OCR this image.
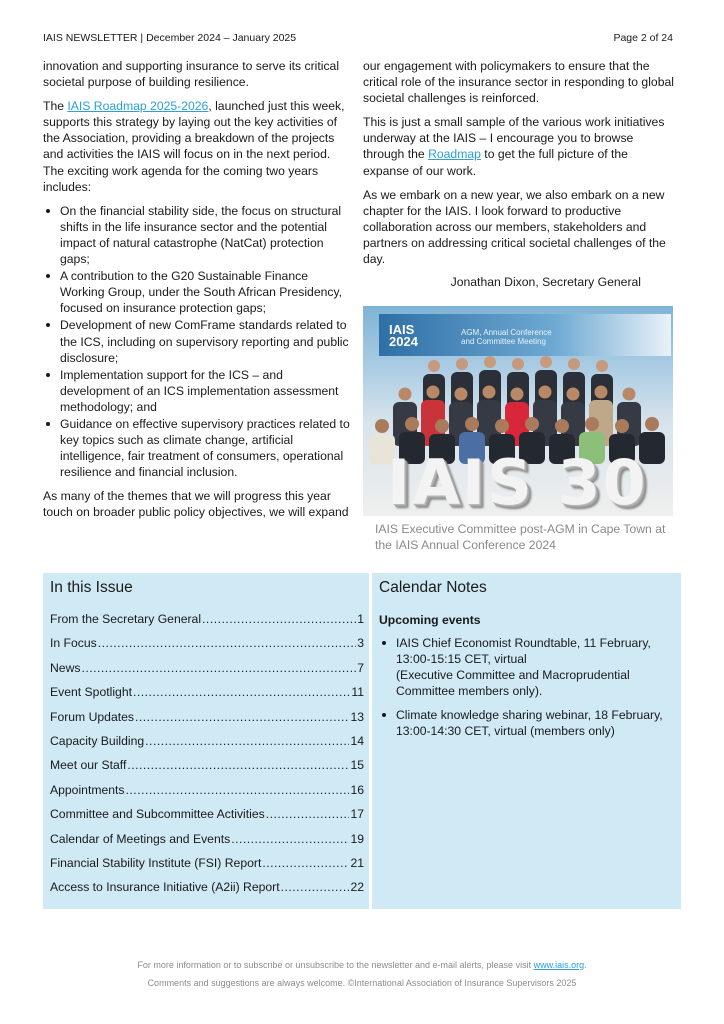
IAIS NEWSLETTER | December 2024 – January 2025	Page 2 of 24

innovation and supporting insurance to serve its critical societal purpose of building resilience.

The IAIS Roadmap 2025-2026, launched just this week, supports this strategy by laying out the key activities of the Association, providing a breakdown of the projects and activities the IAIS will focus on in the next period. The exciting work agenda for the coming two years includes:

On the financial stability side, the focus on structural shifts in the life insurance sector and the potential impact of natural catastrophe (NatCat) protection gaps;
A contribution to the G20 Sustainable Finance Working Group, under the South African Presidency, focused on insurance protection gaps;
Development of new ComFrame standards related to the ICS, including on supervisory reporting and public disclosure;
Implementation support for the ICS – and development of an ICS implementation assessment methodology; and
Guidance on effective supervisory practices related to key topics such as climate change, artificial intelligence, fair treatment of consumers, operational resilience and financial inclusion.

As many of the themes that we will progress this year touch on broader public policy objectives, we will expand

our engagement with policymakers to ensure that the critical role of the insurance sector in responding to global societal challenges is reinforced.

This is just a small sample of the various work initiatives underway at the IAIS – I encourage you to browse through the Roadmap to get the full picture of the expanse of our work.

As we embark on a new year, we also embark on a new chapter for the IAIS. I look forward to productive collaboration across our members, stakeholders and partners on addressing critical societal challenges of the day.

Jonathan Dixon, Secretary General

IAIS
2024
AGM, Annual Conference
and Committee Meeting
IAIS 30
IAIS Executive Committee post-AGM in Cape Town at the IAIS Annual Conference 2024
In this Issue
From the Secretary General .....	1
In Focus .....	3
News .....	7
Event Spotlight .....	11
Forum Updates .....	13
Capacity Building .....	14
Meet our Staff .....	15
Appointments .....	16
Committee and Subcommittee Activities .....	17
Calendar of Meetings and Events .....	19
Financial Stability Institute (FSI) Report .....	21
Access to Insurance Initiative (A2ii) Report .....	22
Calendar Notes
Upcoming events
IAIS Chief Economist Roundtable, 11 February, 13:00-15:15 CET, virtual
(Executive Committee and Macroprudential Committee members only).
Climate knowledge sharing webinar, 18 February, 13:00-14:30 CET, virtual (members only)
For more information or to subscribe or unsubscribe to the newsletter and e-mail alerts, please visit www.iais.org.
Comments and suggestions are always welcome. ©International Association of Insurance Supervisors 2025
